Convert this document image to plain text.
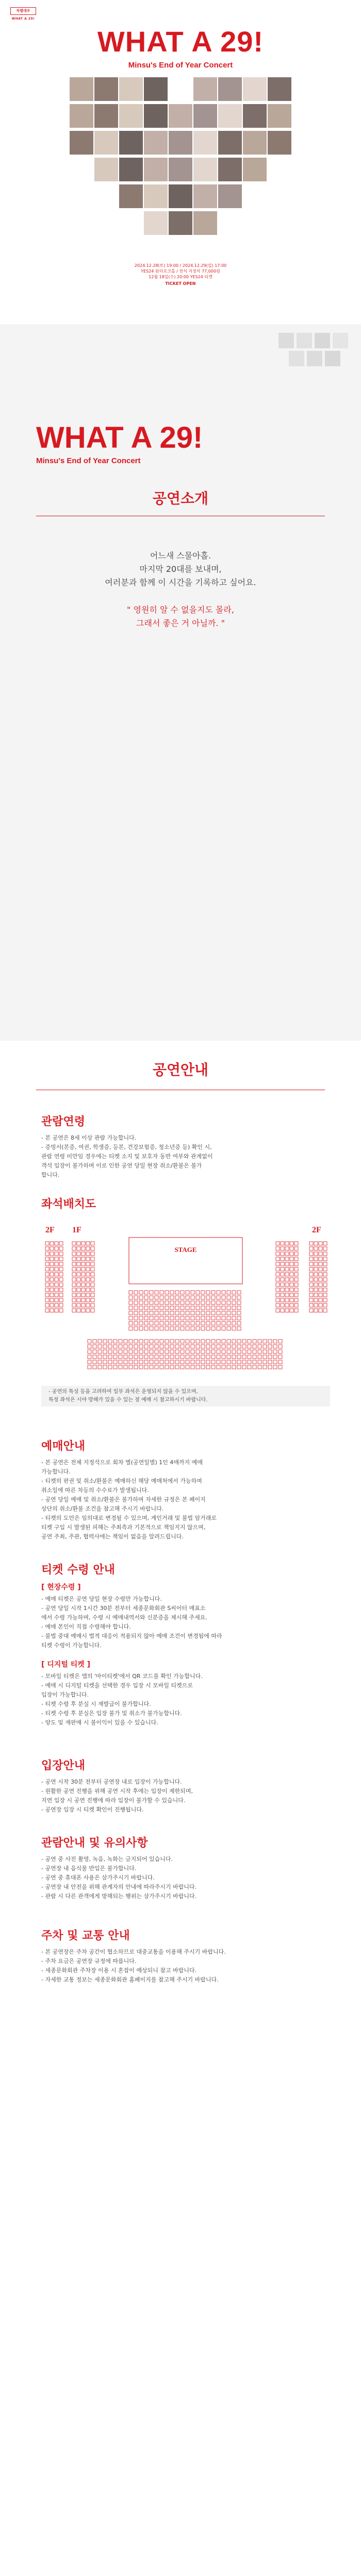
차별대우
WHAT A 29!
WHAT A 29!
Minsu's End of Year Concert
2024.12.28(토) 19:00 / 2024.12.29(일) 17:00
YES24 원더로크홀 / 전석 지정석 77,000원
12월 18일(수) 20:00 YES24 티켓
TICKET OPEN
WHAT A 29!
Minsu's End of Year Concert
공연소개
어느새 스물아홉.
마지막 20대를 보내며,
여러분과 함께 이 시간을 기록하고 싶어요.
" 영원히 알 수 없을지도 몰라,
그래서 좋은 거 아닐까. "
공연안내
관람연령

- 본 공연은 8세 이상 관람 가능합니다.

- 증빙서(본증, 여권, 학생증, 등본, 건강보험증, 청소년증 등) 확인 시,

관람 연령 미만임 경우에는 티켓 소지 및 보호자 동반 여부와 관계없이

객석 입장이 불가하며 이로 인한 공연 당일 현장 취소/환불은 불가

합니다.

좌석배치도
2F 1F	2F
STAGE
- 공연의 특성 등을 고려하여 일부 좌석은 운영되지 않을 수 있으며,
특정 좌석은 시야 방해가 있을 수 있는 점 예매 시 참고하시기 바랍니다.
예매안내

- 본 공연은 전체 지정석으로 회차 별(공연일별) 1인 4매까지 예매

가능합니다.

- 티켓의 판권 및 취소/환불은 예매하신 해당 예매처에서 가능하며

취소일에 따른 차등의 수수료가 발생됩니다.

- 공연 당일 예매 및 취소/환불은 불가하며 자세한 규정은 본 페이지

상단의 취소/환불 조건을 참고해 주시기 바랍니다.

- 티켓의 도안은 임의대로 변경될 수 있으며, 계인거래 및 불법 암거래로

티켓 구입 시 발생된 피해는 주최측과 기본적으로 책임지지 않으며,

공연 주최, 주관, 협력사에는 책임이 없음을 알려드립니다.

티켓 수령 안내
[ 현장수령 ]

- 예매 티켓은 공연 당일 현장 수령만 가능합니다.

- 공연 당일 시작 1시간 30분 전부터 세종문화회관 S씨어터 매표소

에서 수령 가능하며, 수령 시 예매내역서와 신분증을 제시해 주세요.

- 예매 본인이 직접 수령해야 합니다.

- 불법 중대 예매시 법적 대응이 적용되지 않아 예매 조건이 변경됨에 따라

티켓 수령이 가능합니다.

[ 디지털 티켓 ]

- 모바일 티켓은 앱의 '마이티켓'에서 QR 코드를 확인 가능합니다.

- 예매 시 디지털 티켓을 선택한 경우 입장 시 모바일 티켓으로

입장이 가능합니다.

- 티켓 수령 후 분실 시 재발급이 불가합니다.

- 티켓 수령 후 분실은 입장 불가 및 취소가 불가능합니다.

- 양도 및 재판매 시 불이익이 있을 수 있습니다.

입장안내

- 공연 시작 30분 전부터 공연장 내로 입장이 가능합니다.

- 원활한 공연 진행을 위해 공연 시작 후에는 입장이 제한되며,

지연 입장 시 공연 진행에 따라 입장이 불가할 수 있습니다.

- 공연장 입장 시 티켓 확인이 진행됩니다.

관람안내 및 유의사항

- 공연 중 사진 촬영, 녹음, 녹화는 금지되어 있습니다.

- 공연장 내 음식물 반입은 불가합니다.

- 공연 중 휴대폰 사용은 삼가주시기 바랍니다.

- 공연장 내 안전을 위해 관계자의 안내에 따라주시기 바랍니다.

- 관람 시 다른 관객에게 방해되는 행위는 삼가주시기 바랍니다.

주차 및 교통 안내

- 본 공연장은 주차 공간이 협소하므로 대중교통을 이용해 주시기 바랍니다.

- 주차 요금은 공연장 규정에 따릅니다.

- 세종문화회관 주차장 이용 시 혼잡이 예상되니 참고 바랍니다.

- 자세한 교통 정보는 세종문화회관 홈페이지를 참고해 주시기 바랍니다.
